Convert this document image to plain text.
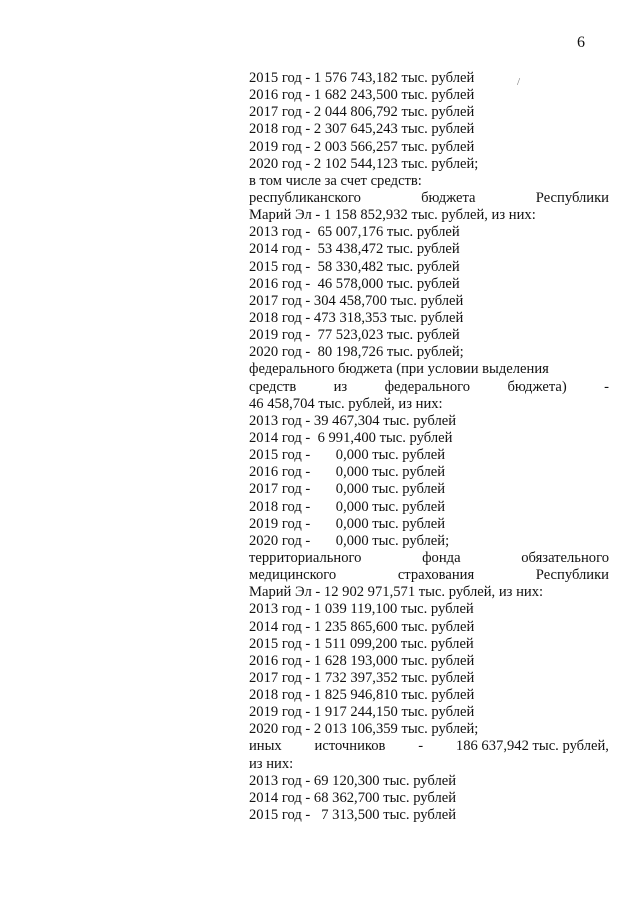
6
/
2015 год - 1 576 743,182 тыс. рублей
2016 год - 1 682 243,500 тыс. рублей
2017 год - 2 044 806,792 тыс. рублей
2018 год - 2 307 645,243 тыс. рублей
2019 год - 2 003 566,257 тыс. рублей
2020 год - 2 102 544,123 тыс. рублей;
в том числе за счет средств:
республиканского	бюджета	Республики
Марий Эл - 1 158 852,932 тыс. рублей, из них:
2013 год -  65 007,176 тыс. рублей
2014 год -  53 438,472 тыс. рублей
2015 год -  58 330,482 тыс. рублей
2016 год -  46 578,000 тыс. рублей
2017 год - 304 458,700 тыс. рублей
2018 год - 473 318,353 тыс. рублей
2019 год -  77 523,023 тыс. рублей
2020 год -  80 198,726 тыс. рублей;
федерального бюджета (при условии выделения
средств	из	федерального	бюджета)	-
46 458,704 тыс. рублей, из них:
2013 год - 39 467,304 тыс. рублей
2014 год -  6 991,400 тыс. рублей
2015 год -       0,000 тыс. рублей
2016 год -       0,000 тыс. рублей
2017 год -       0,000 тыс. рублей
2018 год -       0,000 тыс. рублей
2019 год -       0,000 тыс. рублей
2020 год -       0,000 тыс. рублей;
территориального	фонда	обязательного
медицинского	страхования	Республики
Марий Эл - 12 902 971,571 тыс. рублей, из них:
2013 год - 1 039 119,100 тыс. рублей
2014 год - 1 235 865,600 тыс. рублей
2015 год - 1 511 099,200 тыс. рублей
2016 год - 1 628 193,000 тыс. рублей
2017 год - 1 732 397,352 тыс. рублей
2018 год - 1 825 946,810 тыс. рублей
2019 год - 1 917 244,150 тыс. рублей
2020 год - 2 013 106,359 тыс. рублей;
иных источников - 186 637,942 тыс. рублей,
из них:
2013 год - 69 120,300 тыс. рублей
2014 год - 68 362,700 тыс. рублей
2015 год -   7 313,500 тыс. рублей
